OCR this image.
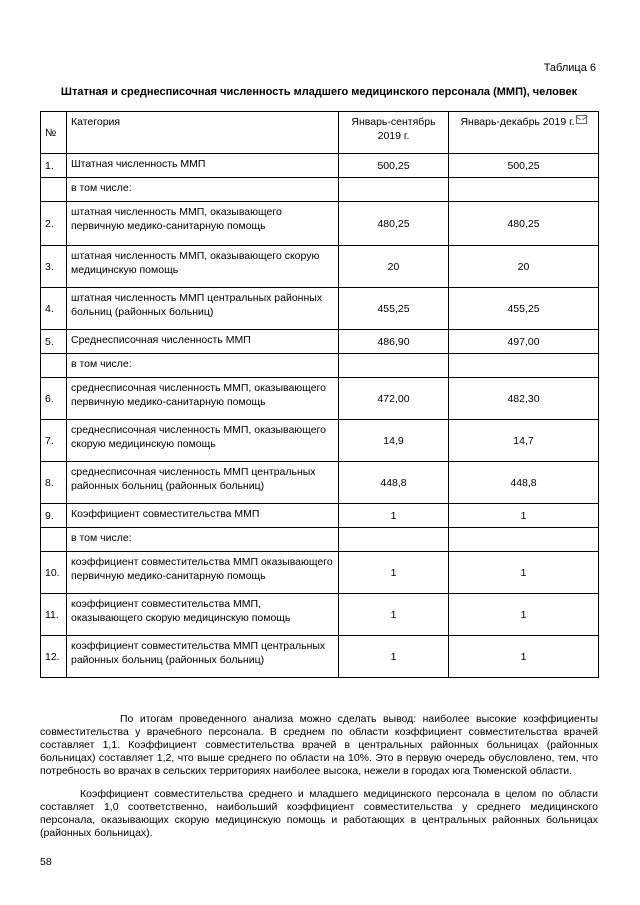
Таблица 6
Штатная и среднесписочная численность младшего медицинского персонала (ММП), человек
№	Категория	Январь-сентябрь 2019 г.	Январь-декабрь 2019 г.
1.	Штатная численность ММП	500,25	500,25
	в том числе:		
2.	штатная численность ММП, оказывающего первичную медико-санитарную помощь	480,25	480,25
3.	штатная численность ММП, оказывающего скорую медицинскую помощь	20	20
4.	штатная численность ММП центральных районных больниц (районных больниц)	455,25	455,25
5.	Среднесписочная численность ММП	486,90	497,00
	в том числе:		
6.	среднесписочная численность ММП, оказывающего первичную медико-санитарную помощь	472,00	482,30
7.	среднесписочная численность ММП, оказывающего скорую медицинскую помощь	14,9	14,7
8.	среднесписочная численность ММП центральных районных больниц (районных больниц)	448,8	448,8
9.	Коэффициент совместительства ММП	1	1
	в том числе:		
10.	коэффициент совместительства ММП оказывающего первичную медико-санитарную помощь	1	1
11.	коэффициент совместительства ММП, оказывающего скорую медицинскую помощь	1	1
12.	коэффициент совместительства ММП центральных районных больниц (районных больниц)	1	1

По итогам проведенного анализа можно сделать вывод: наиболее высокие коэффициенты совместительства у врачебного персонала. В среднем по области коэффициент совместительства врачей составляет 1,1. Коэффициент совместительства врачей в центральных районных больницах (районных больницах) составляет 1,2, что выше среднего по области на 10%. Это в первую очередь обусловлено, тем, что потребность во врачах в сельских территориях наиболее высока, нежели в городах юга Тюменской области.

Коэффициент совместительства среднего и младшего медицинского персонала в целом по области составляет 1,0 соответственно, наибольший коэффициент совместительства у среднего медицинского персонала, оказывающих скорую медицинскую помощь и работающих в центральных районных больницах (районных больницах).

58
